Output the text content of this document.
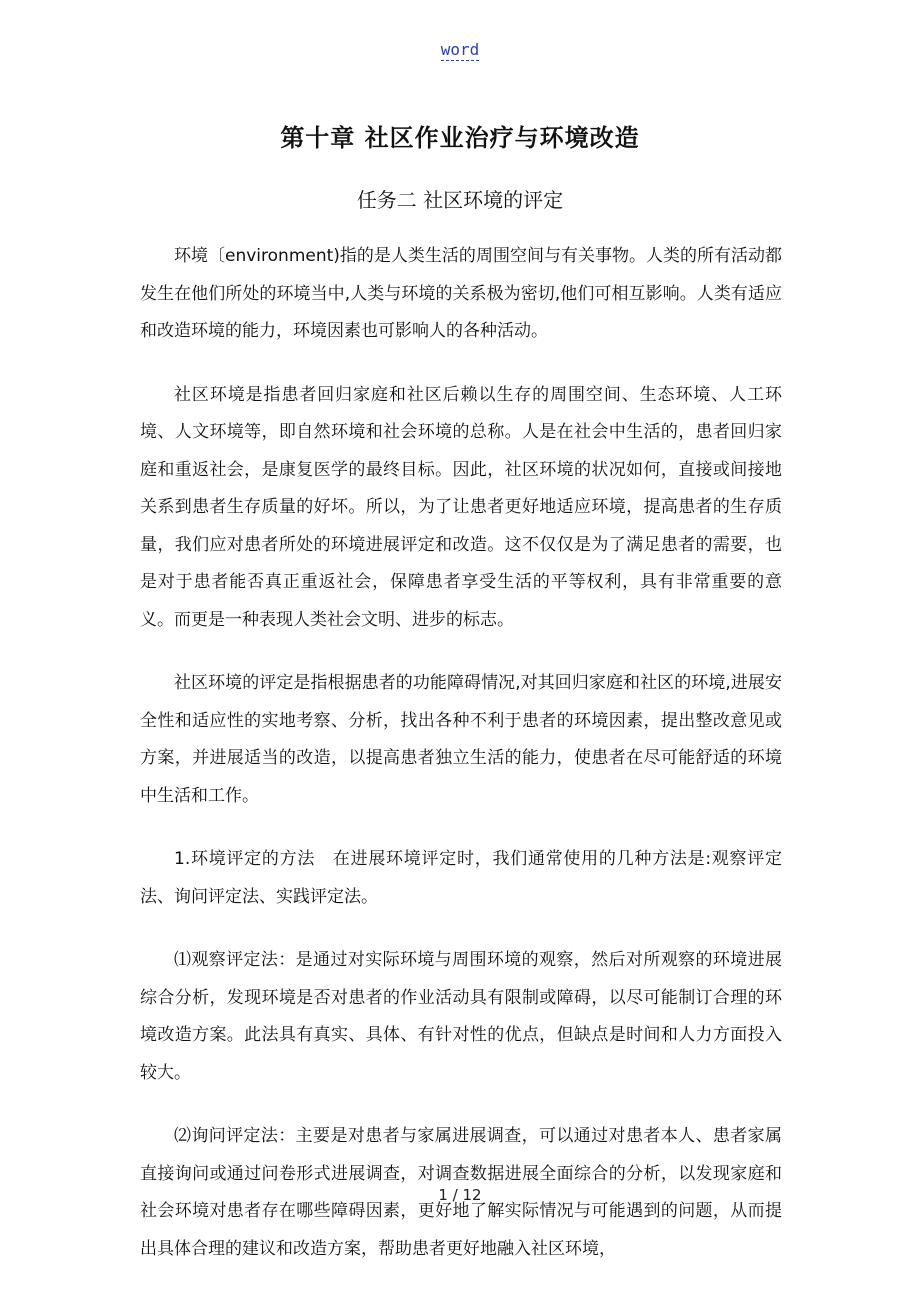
word
第十章 社区作业治疗与环境改造
任务二 社区环境的评定

环境〔environment)指的是人类生活的周围空间与有关事物。人类的所有活动都发生在他们所处的环境当中,人类与环境的关系极为密切,他们可相互影响。人类有适应和改造环境的能力，环境因素也可影响人的各种活动。

社区环境是指患者回归家庭和社区后赖以生存的周围空间、生态环境、人工环境、人文环境等，即自然环境和社会环境的总称。人是在社会中生活的，患者回归家庭和重返社会，是康复医学的最终目标。因此，社区环境的状况如何，直接或间接地关系到患者生存质量的好坏。所以，为了让患者更好地适应环境，提高患者的生存质量，我们应对患者所处的环境进展评定和改造。这不仅仅是为了满足患者的需要，也是对于患者能否真正重返社会，保障患者享受生活的平等权利，具有非常重要的意义。而更是一种表现人类社会文明、进步的标志。

社区环境的评定是指根据患者的功能障碍情况,对其回归家庭和社区的环境,进展安全性和适应性的实地考察、分析，找出各种不利于患者的环境因素，提出整改意见或方案，并进展适当的改造，以提高患者独立生活的能力，使患者在尽可能舒适的环境中生活和工作。

1.环境评定的方法　在进展环境评定时，我们通常使用的几种方法是:观察评定法、询问评定法、实践评定法。

⑴观察评定法：是通过对实际环境与周围环境的观察，然后对所观察的环境进展综合分析，发现环境是否对患者的作业活动具有限制或障碍，以尽可能制订合理的环境改造方案。此法具有真实、具体、有针对性的优点，但缺点是时间和人力方面投入较大。

⑵询问评定法：主要是对患者与家属进展调查，可以通过对患者本人、患者家属直接询问或通过问卷形式进展调查，对调查数据进展全面综合的分析，以发现家庭和社会环境对患者存在哪些障碍因素，更好地了解实际情况与可能遇到的问题，从而提出具体合理的建议和改造方案，帮助患者更好地融入社区环境，

1 / 12
